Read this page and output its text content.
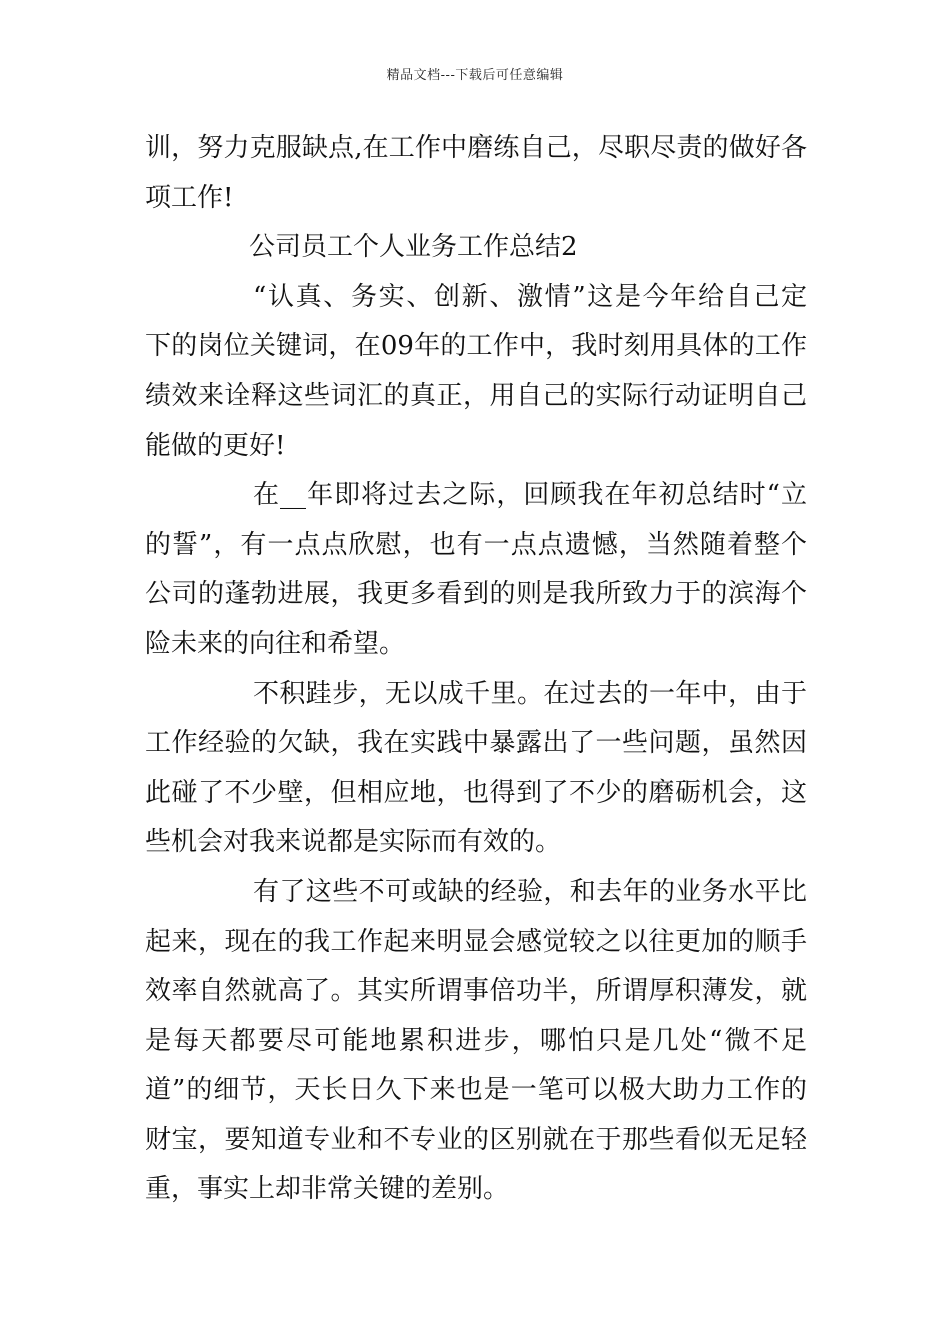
精品文档---下载后可任意编辑
训，努力克服缺点,在工作中磨练自己，尽职尽责的做好各
项工作!
公司员工个人业务工作总结2
“认真、务实、创新、激情”这是今年给自己定
下的岗位关键词，在09年的工作中，我时刻用具体的工作
绩效来诠释这些词汇的真正，用自己的实际行动证明自己
能做的更好!
在__年即将过去之际，回顾我在年初总结时“立
的誓”，有一点点欣慰，也有一点点遗憾，当然随着整个
公司的蓬勃进展，我更多看到的则是我所致力于的滨海个
险未来的向往和希望。
不积跬步，无以成千里。在过去的一年中，由于
工作经验的欠缺，我在实践中暴露出了一些问题，虽然因
此碰了不少壁，但相应地，也得到了不少的磨砺机会，这
些机会对我来说都是实际而有效的。
有了这些不可或缺的经验，和去年的业务水平比
起来，现在的我工作起来明显会感觉较之以往更加的顺手
效率自然就高了。其实所谓事倍功半，所谓厚积薄发，就
是每天都要尽可能地累积进步，哪怕只是几处“微不足
道”的细节，天长日久下来也是一笔可以极大助力工作的
财宝，要知道专业和不专业的区别就在于那些看似无足轻
重，事实上却非常关键的差别。
